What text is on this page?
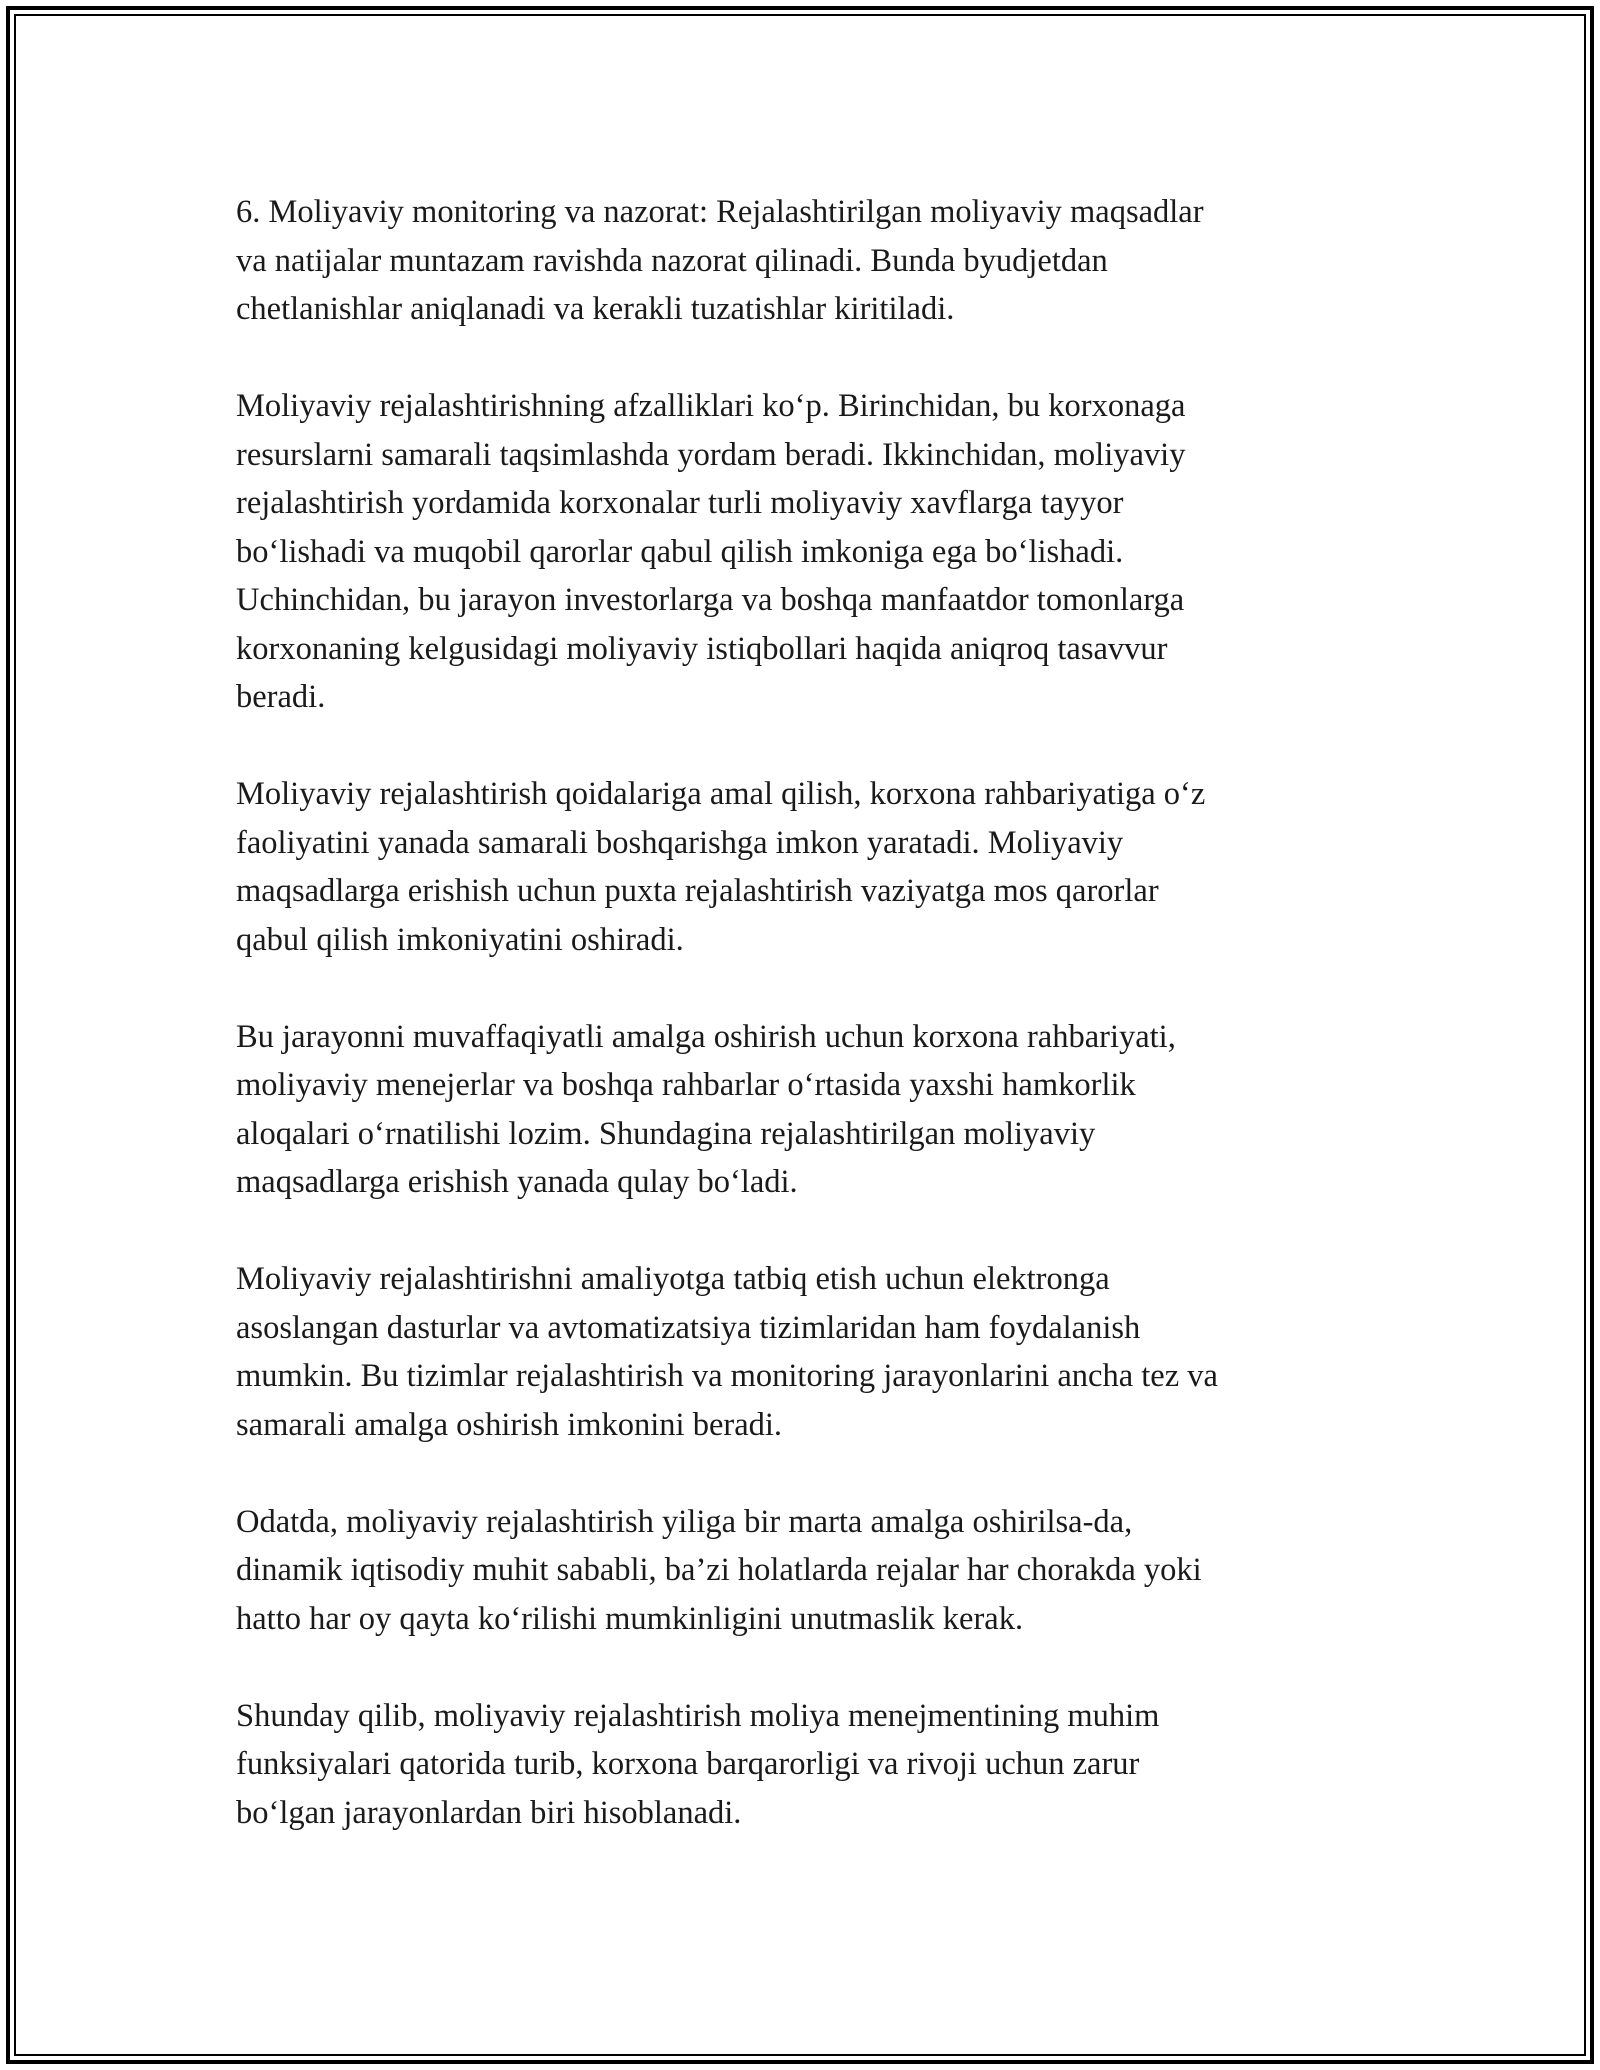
6. Moliyaviy monitoring va nazorat: Rejalashtirilgan moliyaviy maqsadlar
va natijalar muntazam ravishda nazorat qilinadi. Bunda byudjetdan
chetlanishlar aniqlanadi va kerakli tuzatishlar kiritiladi.

Moliyaviy rejalashtirishning afzalliklari ko‘p. Birinchidan, bu korxonaga
resurslarni samarali taqsimlashda yordam beradi. Ikkinchidan, moliyaviy
rejalashtirish yordamida korxonalar turli moliyaviy xavflarga tayyor
bo‘lishadi va muqobil qarorlar qabul qilish imkoniga ega bo‘lishadi.
Uchinchidan, bu jarayon investorlarga va boshqa manfaatdor tomonlarga
korxonaning kelgusidagi moliyaviy istiqbollari haqida aniqroq tasavvur
beradi.

Moliyaviy rejalashtirish qoidalariga amal qilish, korxona rahbariyatiga o‘z
faoliyatini yanada samarali boshqarishga imkon yaratadi. Moliyaviy
maqsadlarga erishish uchun puxta rejalashtirish vaziyatga mos qarorlar
qabul qilish imkoniyatini oshiradi.

Bu jarayonni muvaffaqiyatli amalga oshirish uchun korxona rahbariyati,
moliyaviy menejerlar va boshqa rahbarlar o‘rtasida yaxshi hamkorlik
aloqalari o‘rnatilishi lozim. Shundagina rejalashtirilgan moliyaviy
maqsadlarga erishish yanada qulay bo‘ladi.

Moliyaviy rejalashtirishni amaliyotga tatbiq etish uchun elektronga
asoslangan dasturlar va avtomatizatsiya tizimlaridan ham foydalanish
mumkin. Bu tizimlar rejalashtirish va monitoring jarayonlarini ancha tez va
samarali amalga oshirish imkonini beradi.

Odatda, moliyaviy rejalashtirish yiliga bir marta amalga oshirilsa-da,
dinamik iqtisodiy muhit sababli, ba’zi holatlarda rejalar har chorakda yoki
hatto har oy qayta ko‘rilishi mumkinligini unutmaslik kerak.

Shunday qilib, moliyaviy rejalashtirish moliya menejmentining muhim
funksiyalari qatorida turib, korxona barqarorligi va rivoji uchun zarur
bo‘lgan jarayonlardan biri hisoblanadi.
